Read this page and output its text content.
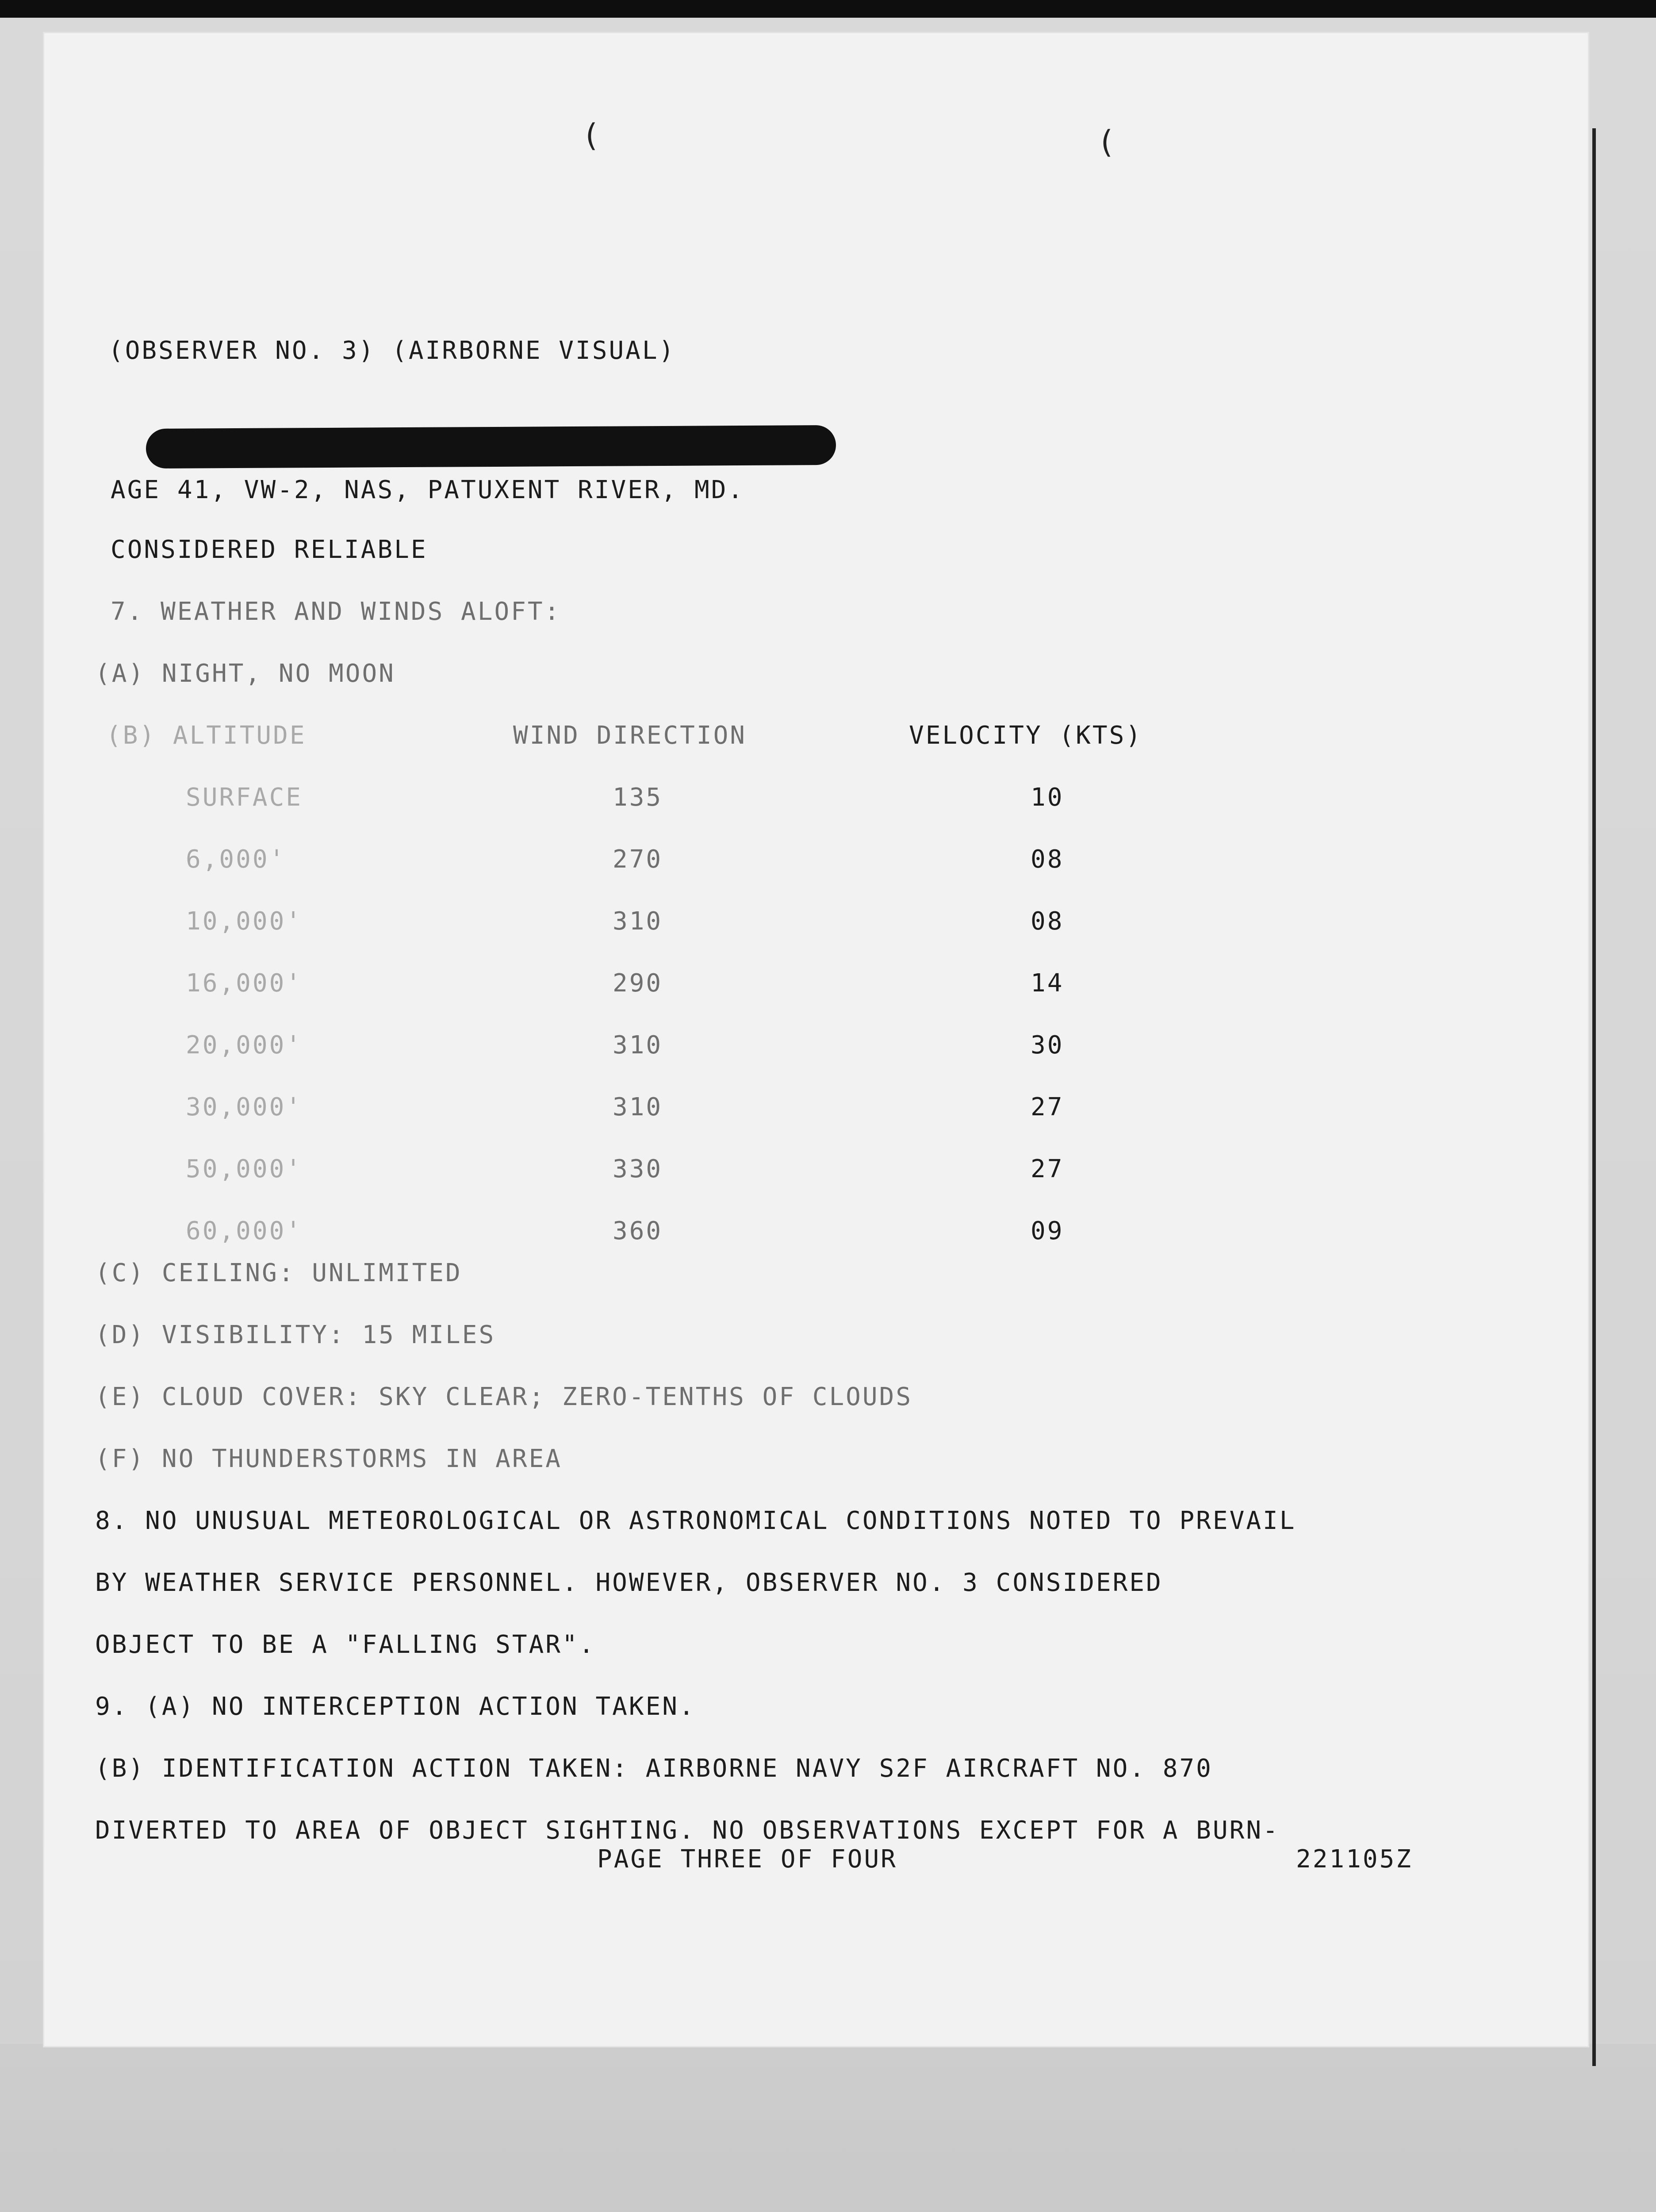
(	(
(OBSERVER NO. 3) (AIRBORNE VISUAL)
AGE 41, VW-2, NAS, PATUXENT RIVER, MD.
CONSIDERED RELIABLE
7. WEATHER AND WINDS ALOFT:
(A) NIGHT, NO MOON
(B) ALTITUDE	WIND DIRECTION	VELOCITY (KTS)
SURFACE	135	10
6,000'	270	08
10,000'	310	08
16,000'	290	14
20,000'	310	30
30,000'	310	27
50,000'	330	27
60,000'	360	09
(C) CEILING: UNLIMITED
(D) VISIBILITY: 15 MILES
(E) CLOUD COVER: SKY CLEAR; ZERO-TENTHS OF CLOUDS
(F) NO THUNDERSTORMS IN AREA
8. NO UNUSUAL METEOROLOGICAL OR ASTRONOMICAL CONDITIONS NOTED TO PREVAIL
BY WEATHER SERVICE PERSONNEL. HOWEVER, OBSERVER NO. 3 CONSIDERED
OBJECT TO BE A "FALLING STAR".
9. (A) NO INTERCEPTION ACTION TAKEN.
(B) IDENTIFICATION ACTION TAKEN: AIRBORNE NAVY S2F AIRCRAFT NO. 870
DIVERTED TO AREA OF OBJECT SIGHTING. NO OBSERVATIONS EXCEPT FOR A BURN-
PAGE THREE OF FOUR	221105Z
